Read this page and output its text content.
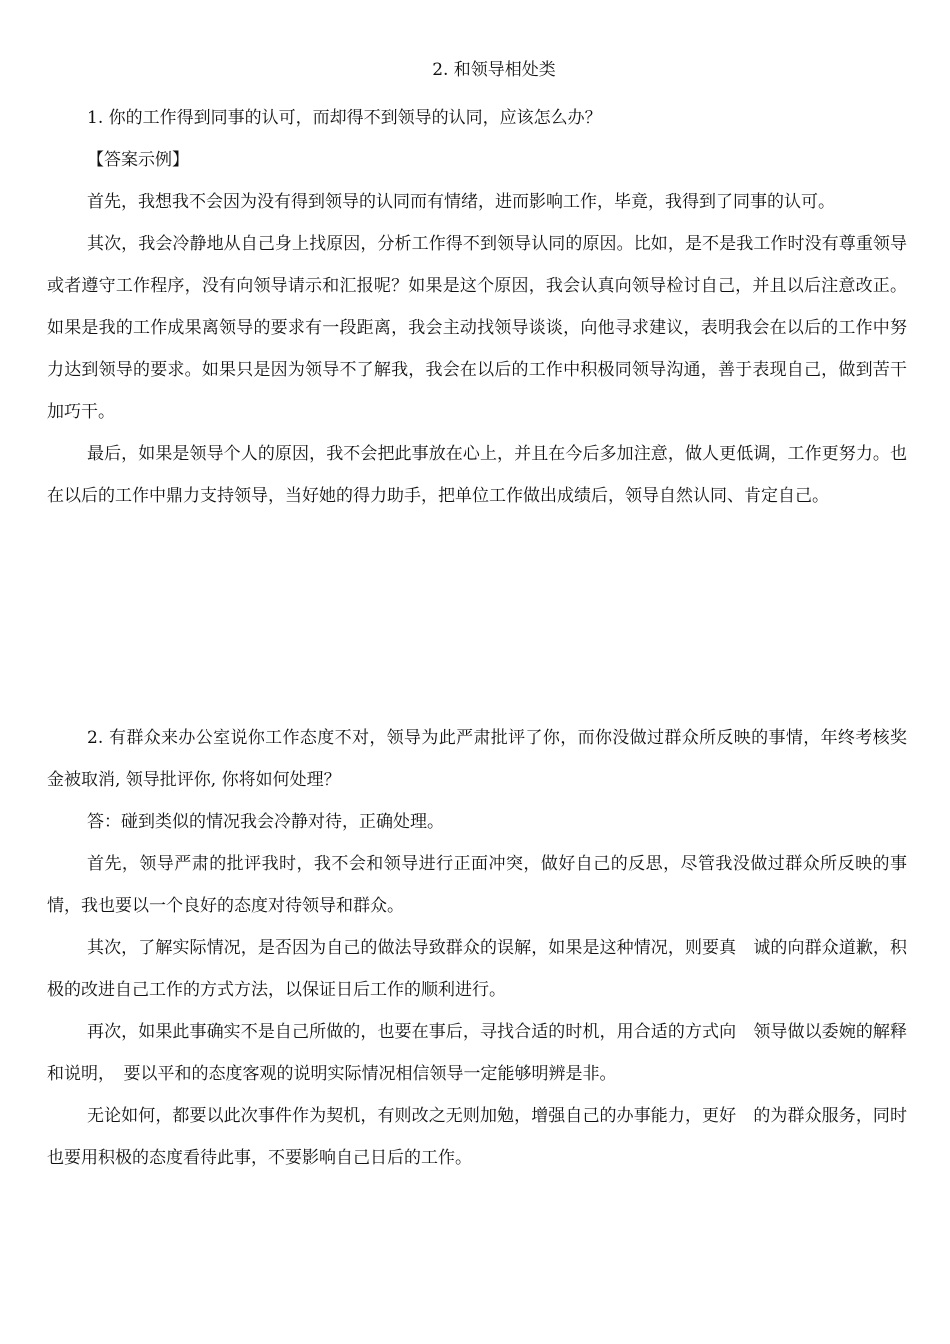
2. 和领导相处类

1. 你的工作得到同事的认可，而却得不到领导的认同，应该怎么办？

【答案示例】

首先，我想我不会因为没有得到领导的认同而有情绪，进而影响工作，毕竟，我得到了同事的认可。

其次，我会冷静地从自己身上找原因，分析工作得不到领导认同的原因。比如，是不是我工作时没有尊重领导或者遵守工作程序，没有向领导请示和汇报呢？如果是这个原因，我会认真向领导检讨自己，并且以后注意改正。如果是我的工作成果离领导的要求有一段距离，我会主动找领导谈谈，向他寻求建议，表明我会在以后的工作中努力达到领导的要求。如果只是因为领导不了解我，我会在以后的工作中积极同领导沟通，善于表现自己，做到苦干加巧干。

最后，如果是领导个人的原因，我不会把此事放在心上，并且在今后多加注意，做人更低调，工作更努力。也在以后的工作中鼎力支持领导，当好她的得力助手，把单位工作做出成绩后，领导自然认同、肯定自己。

2. 有群众来办公室说你工作态度不对，领导为此严肃批评了你，而你没做过群众所反映的事情，年终考核奖金被取消, 领导批评你, 你将如何处理？

答：碰到类似的情况我会冷静对待，正确处理。

首先，领导严肃的批评我时，我不会和领导进行正面冲突，做好自己的反思，尽管我没做过群众所反映的事情，我也要以一个良好的态度对待领导和群众。

其次，了解实际情况，是否因为自己的做法导致群众的误解，如果是这种情况，则要真　诚的向群众道歉，积极的改进自己工作的方式方法，以保证日后工作的顺利进行。

再次，如果此事确实不是自己所做的，也要在事后，寻找合适的时机，用合适的方式向　领导做以委婉的解释和说明，　要以平和的态度客观的说明实际情况相信领导一定能够明辨是非。

无论如何，都要以此次事件作为契机，有则改之无则加勉，增强自己的办事能力，更好　的为群众服务，同时也要用积极的态度看待此事，不要影响自己日后的工作。
